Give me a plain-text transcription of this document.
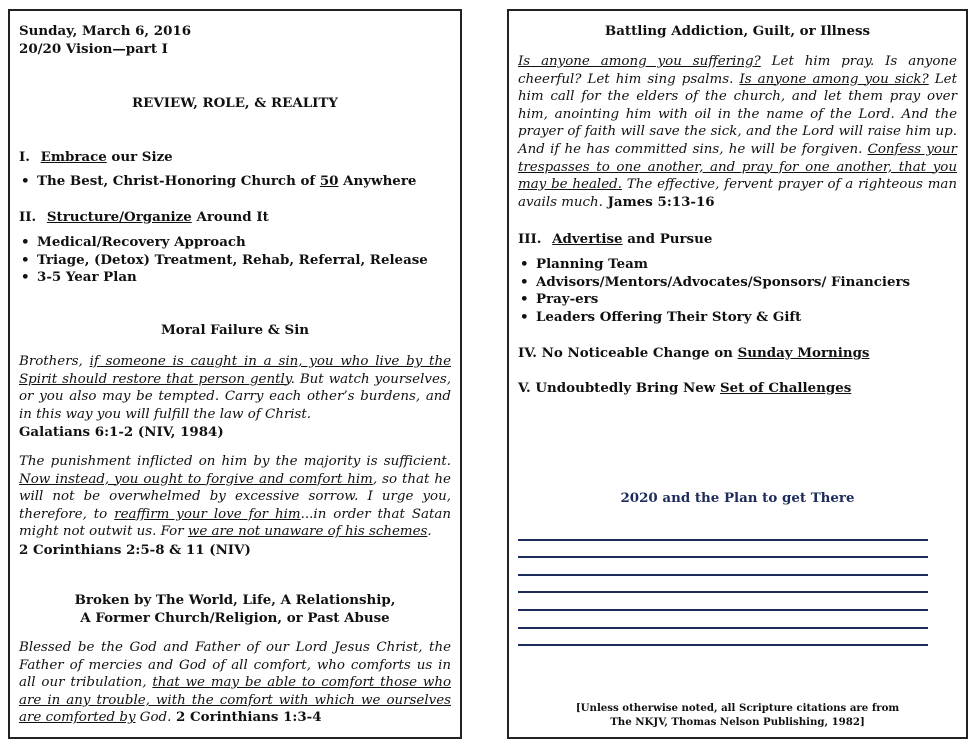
Sunday, March 6, 2016
20/20 Vision—part I
REVIEW, ROLE, & REALITY
I. Embrace our Size
• The Best, Christ-Honoring Church of 50 Anywhere
II. Structure/Organize Around It
• Medical/Recovery Approach
• Triage, (Detox) Treatment, Rehab, Referral, Release
• 3-5 Year Plan
Moral Failure & Sin
Brothers, if someone is caught in a sin, you who live by the Spirit should restore that person gently. But watch yourselves, or you also may be tempted. Carry each other’s burdens, and in this way you will fulfill the law of Christ.
Galatians 6:1-2 (NIV, 1984)
The punishment inflicted on him by the majority is sufficient. Now instead, you ought to forgive and comfort him, so that he will not be overwhelmed by excessive sorrow. I urge you, therefore, to reaffirm your love for him...in order that Satan might not outwit us. For we are not unaware of his schemes.
2 Corinthians 2:5-8 & 11 (NIV)
Broken by The World, Life, A Relationship,
A Former Church/Religion, or Past Abuse
Blessed be the God and Father of our Lord Jesus Christ, the Father of mercies and God of all comfort, who comforts us in all our tribulation, that we may be able to comfort those who are in any trouble, with the comfort with which we ourselves are comforted by God. 2 Corinthians 1:3-4
Battling Addiction, Guilt, or Illness
Is anyone among you suffering? Let him pray. Is anyone cheerful? Let him sing psalms. Is anyone among you sick? Let him call for the elders of the church, and let them pray over him, anointing him with oil in the name of the Lord. And the prayer of faith will save the sick, and the Lord will raise him up. And if he has committed sins, he will be forgiven. Confess your trespasses to one another, and pray for one another, that you may be healed. The effective, fervent prayer of a righteous man avails much. James 5:13-16
III. Advertise and Pursue
• Planning Team
• Advisors/Mentors/Advocates/Sponsors/ Financiers
• Pray-ers
• Leaders Offering Their Story & Gift
IV. No Noticeable Change on Sunday Mornings
V. Undoubtedly Bring New Set of Challenges
2020 and the Plan to get There
[Unless otherwise noted, all Scripture citations are from
The NKJV, Thomas Nelson Publishing, 1982]
